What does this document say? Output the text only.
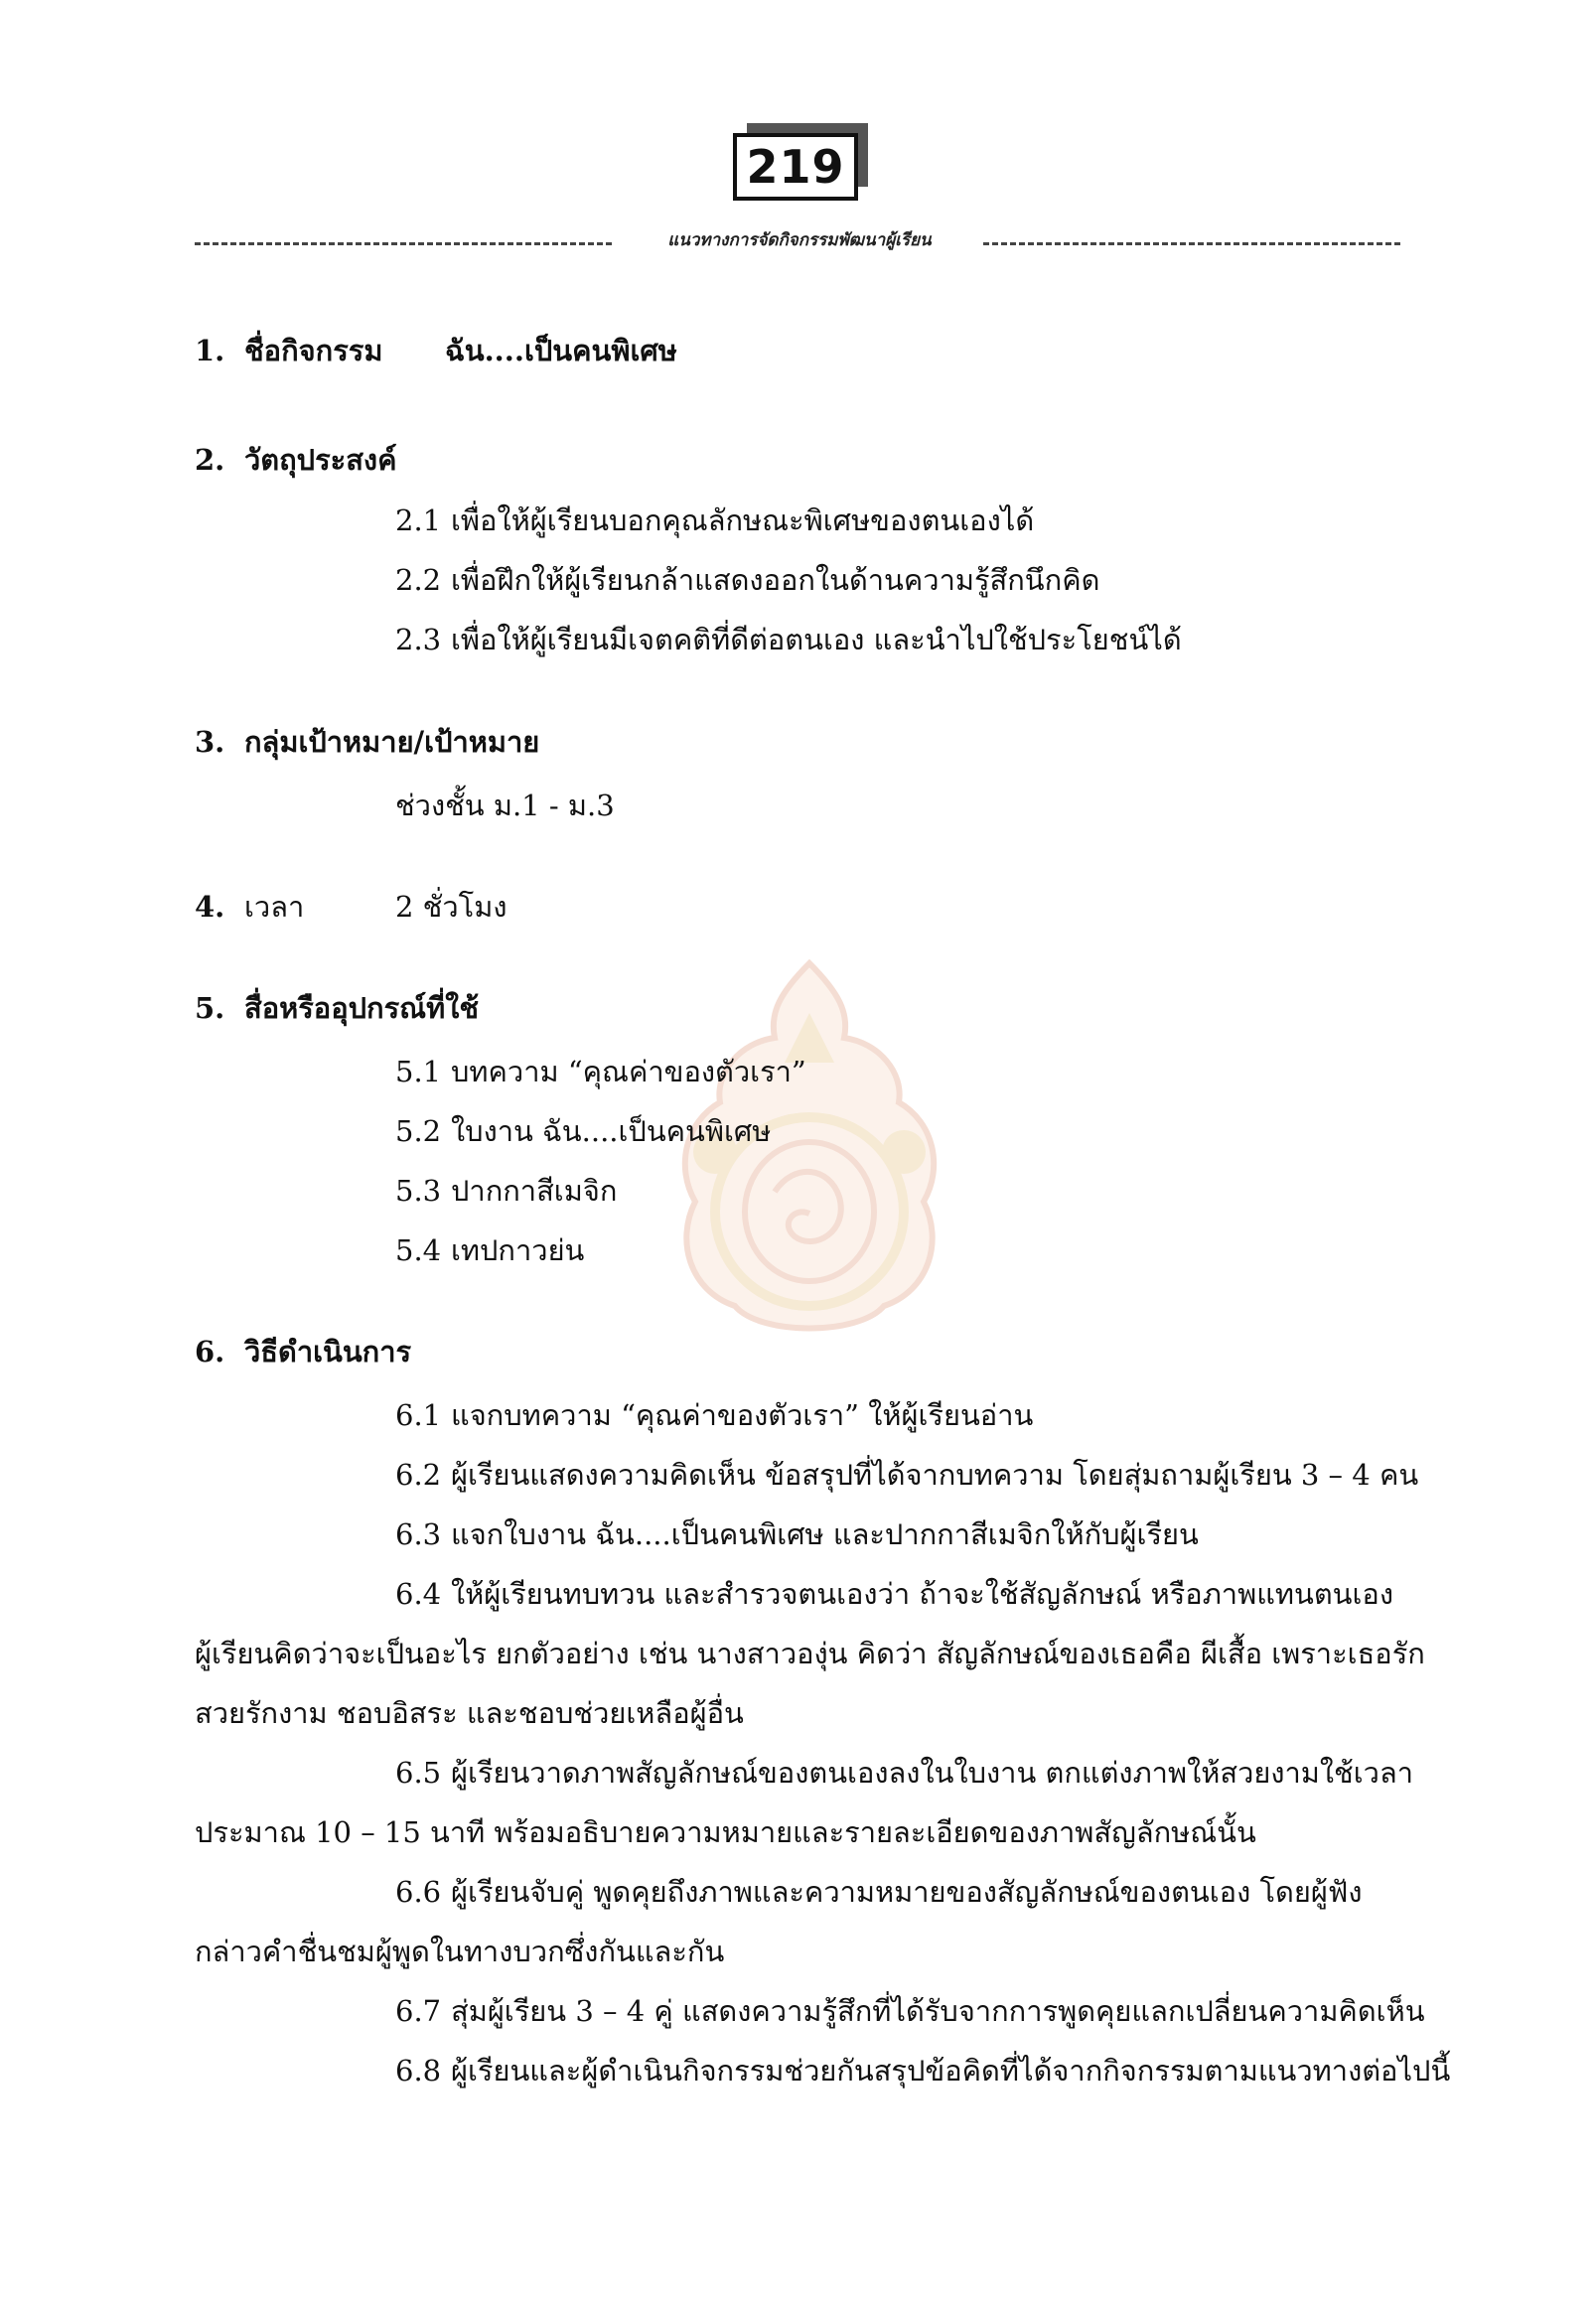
219
แนวทางการจัดกิจกรรมพัฒนาผู้เรียน
1. ชื่อกิจกรรม ฉัน....เป็นคนพิเศษ
2. วัตถุประสงค์
2.1 เพื่อให้ผู้เรียนบอกคุณลักษณะพิเศษของตนเองได้
2.2 เพื่อฝึกให้ผู้เรียนกล้าแสดงออกในด้านความรู้สึกนึกคิด
2.3 เพื่อให้ผู้เรียนมีเจตคติที่ดีต่อตนเอง และนำไปใช้ประโยชน์ได้
3. กลุ่มเป้าหมาย/เป้าหมาย
ช่วงชั้น ม.1 - ม.3
4. เวลา	2 ชั่วโมง
5. สื่อหรืออุปกรณ์ที่ใช้
5.1 บทความ “คุณค่าของตัวเรา”
5.2 ใบงาน ฉัน....เป็นคนพิเศษ
5.3 ปากกาสีเมจิก
5.4 เทปกาวย่น
6. วิธีดำเนินการ
6.1 แจกบทความ “คุณค่าของตัวเรา” ให้ผู้เรียนอ่าน
6.2 ผู้เรียนแสดงความคิดเห็น ข้อสรุปที่ได้จากบทความ โดยสุ่มถามผู้เรียน 3 – 4 คน
6.3 แจกใบงาน ฉัน....เป็นคนพิเศษ และปากกาสีเมจิกให้กับผู้เรียน
6.4 ให้ผู้เรียนทบทวน และสำรวจตนเองว่า ถ้าจะใช้สัญลักษณ์ หรือภาพแทนตนเอง
ผู้เรียนคิดว่าจะเป็นอะไร ยกตัวอย่าง เช่น นางสาวองุ่น คิดว่า สัญลักษณ์ของเธอคือ ผีเสื้อ เพราะเธอรัก
สวยรักงาม ชอบอิสระ และชอบช่วยเหลือผู้อื่น
6.5 ผู้เรียนวาดภาพสัญลักษณ์ของตนเองลงในใบงาน ตกแต่งภาพให้สวยงามใช้เวลา
ประมาณ 10 – 15 นาที พร้อมอธิบายความหมายและรายละเอียดของภาพสัญลักษณ์นั้น
6.6 ผู้เรียนจับคู่ พูดคุยถึงภาพและความหมายของสัญลักษณ์ของตนเอง โดยผู้ฟัง
กล่าวคำชื่นชมผู้พูดในทางบวกซึ่งกันและกัน
6.7 สุ่มผู้เรียน 3 – 4 คู่ แสดงความรู้สึกที่ได้รับจากการพูดคุยแลกเปลี่ยนความคิดเห็น
6.8 ผู้เรียนและผู้ดำเนินกิจกรรมช่วยกันสรุปข้อคิดที่ได้จากกิจกรรมตามแนวทางต่อไปนี้
